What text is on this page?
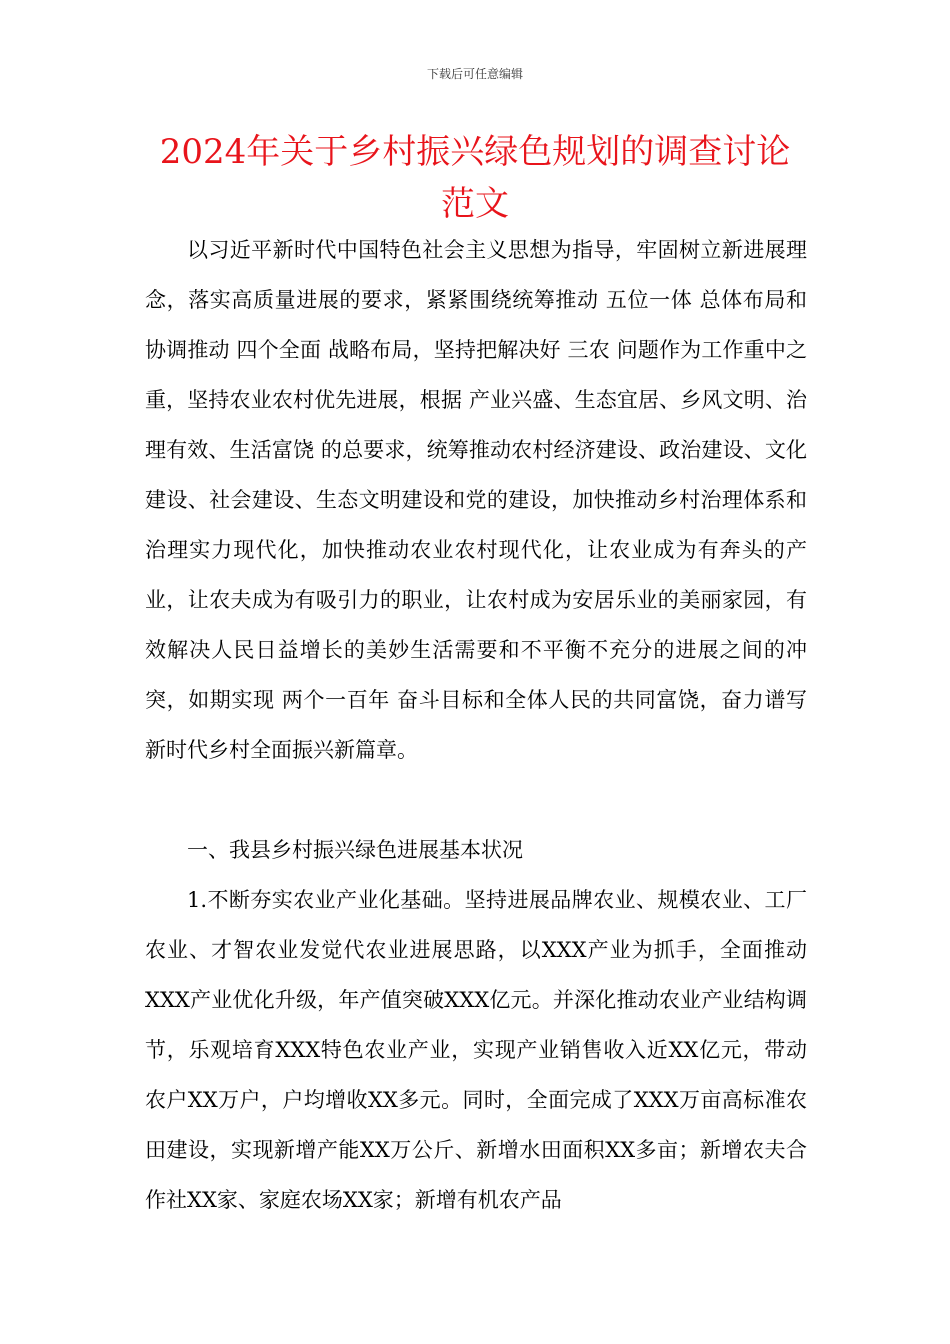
下载后可任意编辑
2024年关于乡村振兴绿色规划的调查讨论范文

以习近平新时代中国特色社会主义思想为指导，牢固树立新进展理念，落实高质量进展的要求，紧紧围绕统筹推动 五位一体 总体布局和协调推动 四个全面 战略布局，坚持把解决好 三农 问题作为工作重中之重，坚持农业农村优先进展，根据 产业兴盛、生态宜居、乡风文明、治理有效、生活富饶 的总要求，统筹推动农村经济建设、政治建设、文化建设、社会建设、生态文明建设和党的建设，加快推动乡村治理体系和治理实力现代化，加快推动农业农村现代化，让农业成为有奔头的产业，让农夫成为有吸引力的职业，让农村成为安居乐业的美丽家园，有效解决人民日益增长的美妙生活需要和不平衡不充分的进展之间的冲突，如期实现 两个一百年 奋斗目标和全体人民的共同富饶，奋力谱写新时代乡村全面振兴新篇章。

一、我县乡村振兴绿色进展基本状况

1.不断夯实农业产业化基础。坚持进展品牌农业、规模农业、工厂农业、才智农业发觉代农业进展思路，以XXX产业为抓手，全面推动XXX产业优化升级，年产值突破XXX亿元。并深化推动农业产业结构调节，乐观培育XXX特色农业产业，实现产业销售收入近XX亿元，带动农户XX万户，户均增收XX多元。同时，全面完成了XXX万亩高标准农田建设，实现新增产能XX万公斤、新增水田面积XX多亩；新增农夫合作社XX家、家庭农场XX家；新增有机农产品
